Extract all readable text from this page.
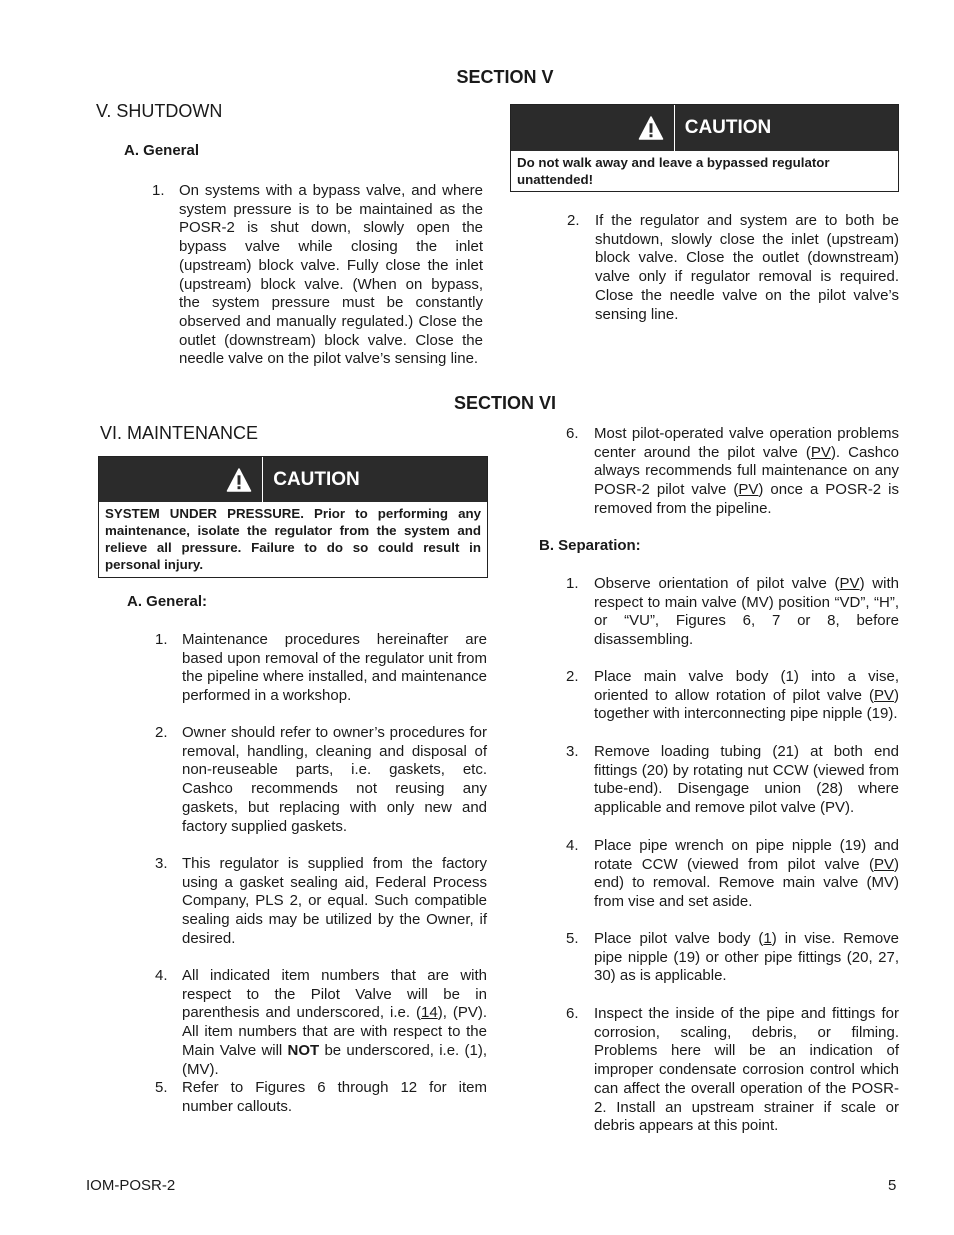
SECTION V
V. SHUTDOWN
A. General
1. On systems with a bypass valve, and where system pressure is to be maintained as the POSR-2 is shut down, slowly open the bypass valve while closing the inlet (upstream) block valve. Fully close the inlet (upstream) block valve. (When on bypass, the system pressure must be constantly observed and manually regulated.) Close the outlet (downstream) block valve. Close the needle valve on the pilot valve’s sensing line.
CAUTION
Do not walk away and leave a bypassed regulator unattended!
2. If the regulator and system are to both be shutdown, slowly close the inlet (upstream) block valve. Close the outlet (downstream) valve only if regulator removal is required. Close the needle valve on the pilot valve’s sensing line.
SECTION VI
VI. MAINTENANCE
CAUTION
SYSTEM UNDER PRESSURE. Prior to performing any maintenance, isolate the regulator from the system and relieve all pressure. Failure to do so could result in personal injury.
A. General:
1. Maintenance procedures hereinafter are based upon removal of the regulator unit from the pipeline where installed, and maintenance performed in a workshop.
2. Owner should refer to owner’s procedures for removal, handling, cleaning and disposal of non-reuseable parts, i.e. gaskets, etc. Cashco recommends not reusing any gaskets, but replacing with only new and factory supplied gaskets.
3. This regulator is supplied from the factory using a gasket sealing aid, Federal Process Company, PLS 2, or equal. Such compatible sealing aids may be utilized by the Owner, if desired.
4. All indicated item numbers that are with respect to the Pilot Valve will be in parenthesis and underscored, i.e. (14), (PV). All item numbers that are with respect to the Main Valve will NOT be underscored, i.e. (1), (MV).
5. Refer to Figures 6 through 12 for item number callouts.
6. Most pilot-operated valve operation problems center around the pilot valve (PV). Cashco always recommends full maintenance on any POSR-2 pilot valve (PV) once a POSR-2 is removed from the pipeline.
B. Separation:
1. Observe orientation of pilot valve (PV) with respect to main valve (MV) position “VD”, “H”, or “VU”, Figures 6, 7 or 8, before disassembling.
2. Place main valve body (1) into a vise, oriented to allow rotation of pilot valve (PV) together with interconnecting pipe nipple (19).
3. Remove loading tubing (21) at both end fittings (20) by rotating nut CCW (viewed from tube-end). Disengage union (28) where applicable and remove pilot valve (PV).
4. Place pipe wrench on pipe nipple (19) and rotate CCW (viewed from pilot valve (PV) end) to removal. Remove main valve (MV) from vise and set aside.
5. Place pilot valve body (1) in vise. Remove pipe nipple (19) or other pipe fittings (20, 27, 30) as is applicable.
6. Inspect the inside of the pipe and fittings for corrosion, scaling, debris, or filming. Problems here will be an indication of improper condensate corrosion control which can affect the overall operation of the POSR-2. Install an upstream strainer if scale or debris appears at this point.
IOM-POSR-2	5
